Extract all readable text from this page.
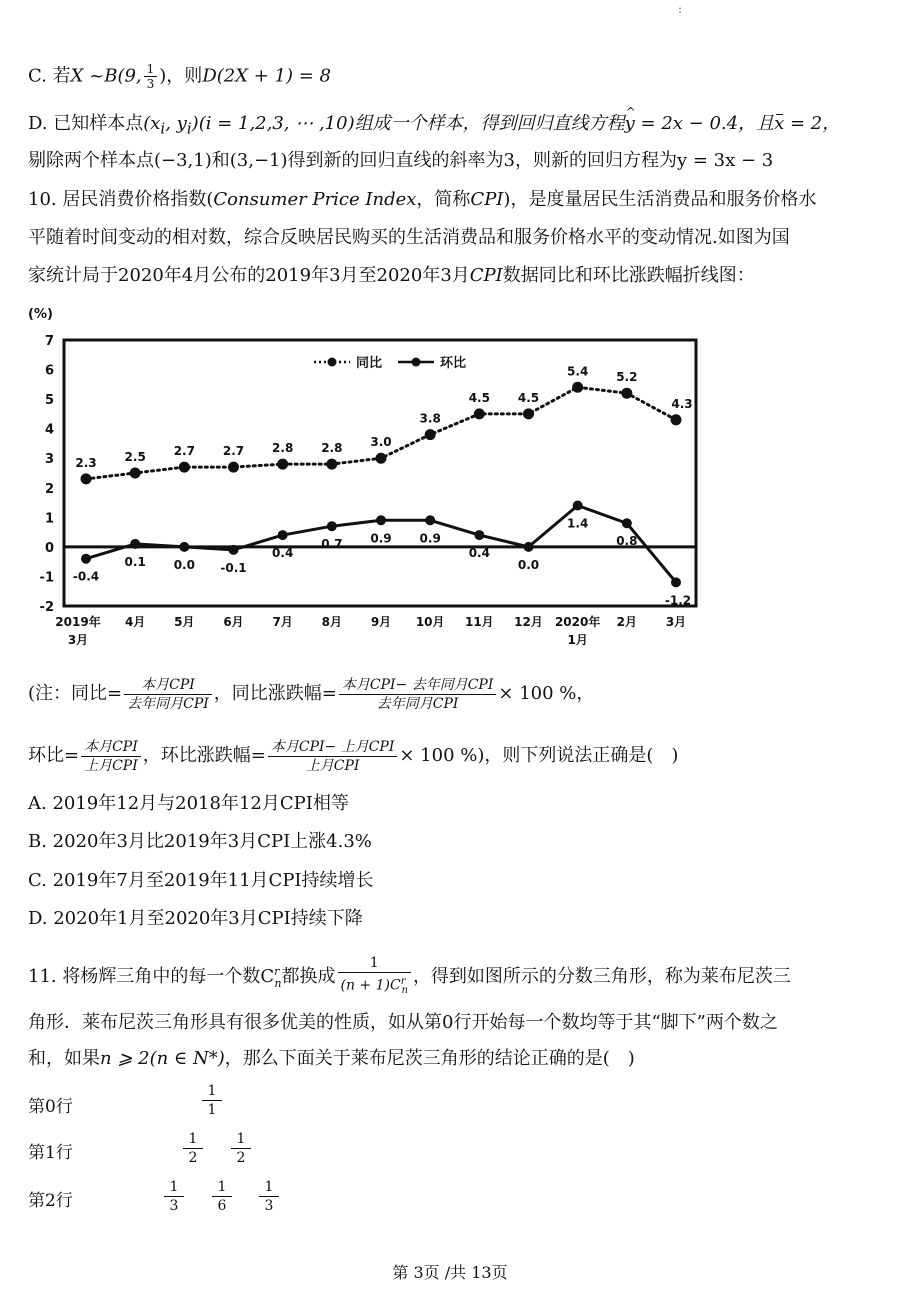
:
C. 若X ~B(9, $\frac{1}{3}$ )，则D(2X + 1) = 8
D. 已知样本点($x_i$, $y_i)(i = 1,2,3$, ⋯ ,10)组成一个样本，得到回归直线方程^ y = 2x − 0.4，且x = 2，
剔除两个样本点(−3,1)和(3,−1)得到新的回归直线的斜率为3，则新的回归方程为y = 3x − 3
10. 居民消费价格指数(Consumer Price Index，简称CPI)，是度量居民生活消费品和服务价格水
平随着时间变动的相对数，综合反映居民购买的生活消费品和服务价格水平的变动情况.如图为国
家统计局于2020年4月公布的2019年3月至2020年3月CPI数据同比和环比涨跌幅折线图：
(%)
7
6
5
4
3
2
1
0
-1
-2
2019年
3月
4月 5月 6月 7月 8月 9月 10月 11月 12月 2020年
1月
2月 3月
同比	环比
2.3 2.5 2.7 2.7 2.8 2.8 3.0
3.8
4.5 4.5
5.4 5.2
4.3
-0.4
0.1 0.0 -0.1
0.4
0.7 0.9 0.9
0.4
0.0
1.4
0.8
-1.2
(注：同比= $\frac{\text{本月CPI}}{\text{去年同月CPI}}$ ，同比涨跌幅= $\frac{\text{本月CPI− 去年同月CPI}}{\text{去年同月CPI}} \times 100$ %，
环比= $\frac{\text{本月CPI}}{\text{上月CPI}}$ ，环比涨跌幅= $\frac{\text{本月CPI− 上月CPI}}{\text{上月CPI}} \times 100$ %)，则下列说法正确是(　)
A. 2019年12月与2018年12月CPI相等
B. 2020年3月比2019年3月CPI上涨4.3%
C. 2019年7月至2019年11月CPI持续增长
D. 2020年1月至2020年3月CPI持续下降
11. 将杨辉三角中的每一个数$C^r_n$都换成 $\frac{1}{(n + 1)C^r_n}$ ，得到如图所示的分数三角形，称为莱布尼茨三
角形．莱布尼茨三角形具有很多优美的性质，如从第0行开始每一个数均等于其“脚下”两个数之
和，如果n ⩾ 2(n ∈ N*)，那么下面关于莱布尼茨三角形的结论正确的是(　)
第0行	$\frac{1}{1}$
第1行	$\frac{1}{2} \frac{1}{2}$
第2行	$\frac{1}{3} \frac{1}{6} \frac{1}{3}$
第 3页 /共 13页
